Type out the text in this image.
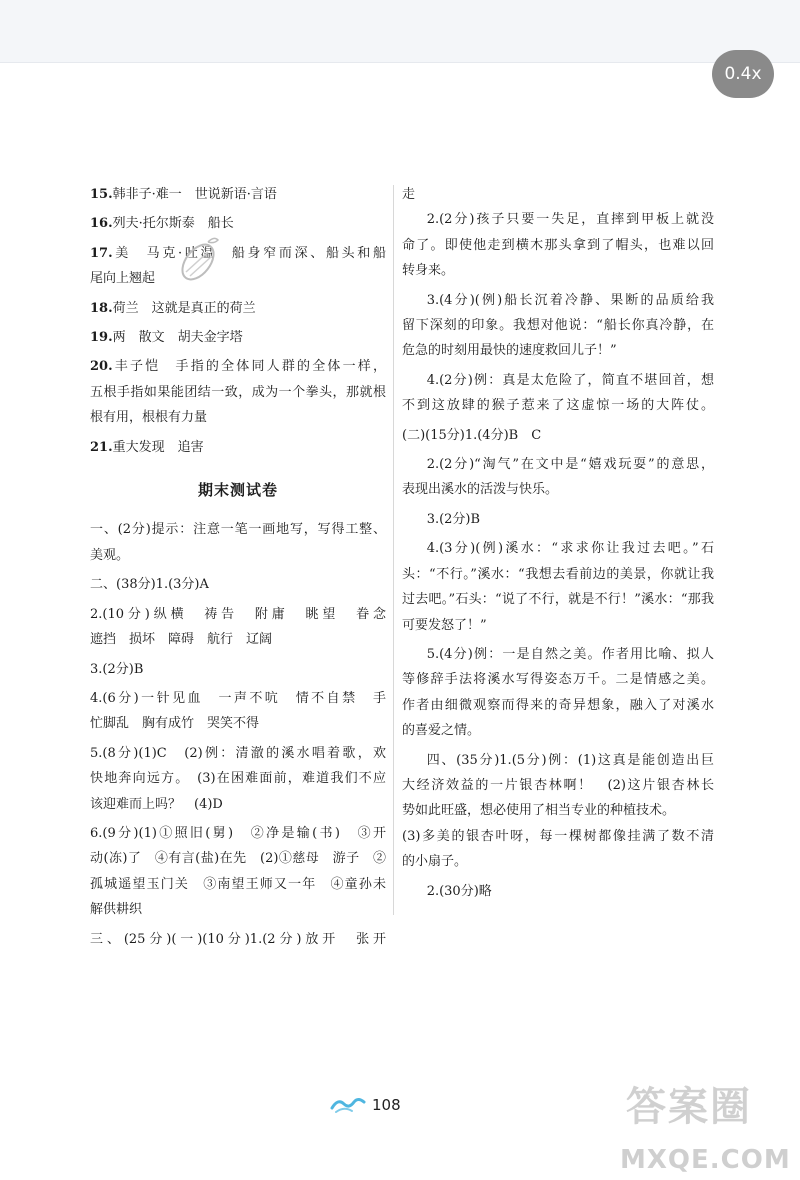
0.4x
15.韩非子·难一　世说新语·言语
16.列夫·托尔斯泰　船长
17.美　马克·吐温　船身窄而深、船头和船
尾向上翘起
18.荷兰　这就是真正的荷兰
19.两　散文　胡夫金字塔
20.丰子恺　手指的全体同人群的全体一样，
五根手指如果能团结一致，成为一个拳头，那就根
根有用，根根有力量
21.重大发现　追害
期末测试卷
一、(2分)提示：注意一笔一画地写，写得工整、
美观。
二、(38分)1.(3分)A
2.(10分)纵横　祷告　附庸　眺望　眷念
遮挡　损坏　障碍　航行　辽阔
3.(2分)B
4.(6分)一针见血　一声不吭　情不自禁　手
忙脚乱　胸有成竹　哭笑不得
5.(8分)(1)C　(2)例：清澈的溪水唱着歌，欢
快地奔向远方。　(3)在困难面前，难道我们不应
该迎难而上吗？　(4)D
6.(9分)(1)①照旧(舅)　②净是输(书)　③开
动(冻)了　④有言(盐)在先　(2)①慈母　游子　②
孤城遥望玉门关　③南望王师又一年　④童孙未
解供耕织
三、(25分)(一)(10分)1.(2分)放开　张开
走
2.(2分)孩子只要一失足，直摔到甲板上就没
命了。即使他走到横木那头拿到了帽头，也难以回
转身来。
3.(4分)(例)船长沉着冷静、果断的品质给我
留下深刻的印象。我想对他说：“船长你真冷静，在
危急的时刻用最快的速度救回儿子！”
4.(2分)例：真是太危险了，简直不堪回首，想
不到这放肆的猴子惹来了这虚惊一场的大阵仗。
(二)(15分)1.(4分)B　C
2.(2分)“淘气”在文中是“嬉戏玩耍”的意思，
表现出溪水的活泼与快乐。
3.(2分)B
4.(3分)(例)溪水：“求求你让我过去吧。”石
头：“不行。”溪水：“我想去看前边的美景，你就让我
过去吧。”石头：“说了不行，就是不行！”溪水：“那我
可要发怒了！”
5.(4分)例：一是自然之美。作者用比喻、拟人
等修辞手法将溪水写得姿态万千。二是情感之美。
作者由细微观察而得来的奇异想象，融入了对溪水
的喜爱之情。
四、(35分)1.(5分)例：(1)这真是能创造出巨
大经济效益的一片银杏林啊！　(2)这片银杏林长
势如此旺盛，想必使用了相当专业的种植技术。
(3)多美的银杏叶呀，每一棵树都像挂满了数不清
的小扇子。
2.(30分)略
108	答案圈
MXQE.COM
